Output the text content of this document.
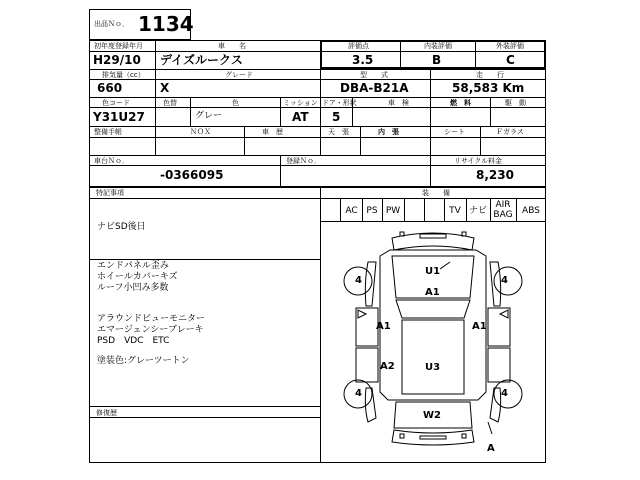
出品Ｎｏ． 1134
初年度登録年月
H29/10
車　　名
デイズルークス
評価点
3.5
内装評価
B
外装評価
C
排気量（cc）
660
グレード
X
型　　式
DBA-B21A
走　　行
58,583 Km
色コード
Y31U27
色替	色
グレー
ミッション
AT
ドア・形状
5
車　検	燃　料	駆　動
整備手帳	ＮＯＸ	車　歴	天　張	内　張	シート	Ｆガラス
車台Ｎｏ．
-0366095
登録Ｎｏ．	リサイクル料金
8,230
特記事項
ナビSD後日
エンドパネル歪み
ホイールカバーキズ
ルーフ小凹み多数
アラウンドビューモニター
エマージェンシーブレーキ
PSD　VDC　ETC
塗装色:グレーツートン
修復歴
装　　備
AC PS PW	TV ナビ
AIR BAG	ABS
4	4
4	4
U1
A1
A1	A1
A2	U3
W2
A
